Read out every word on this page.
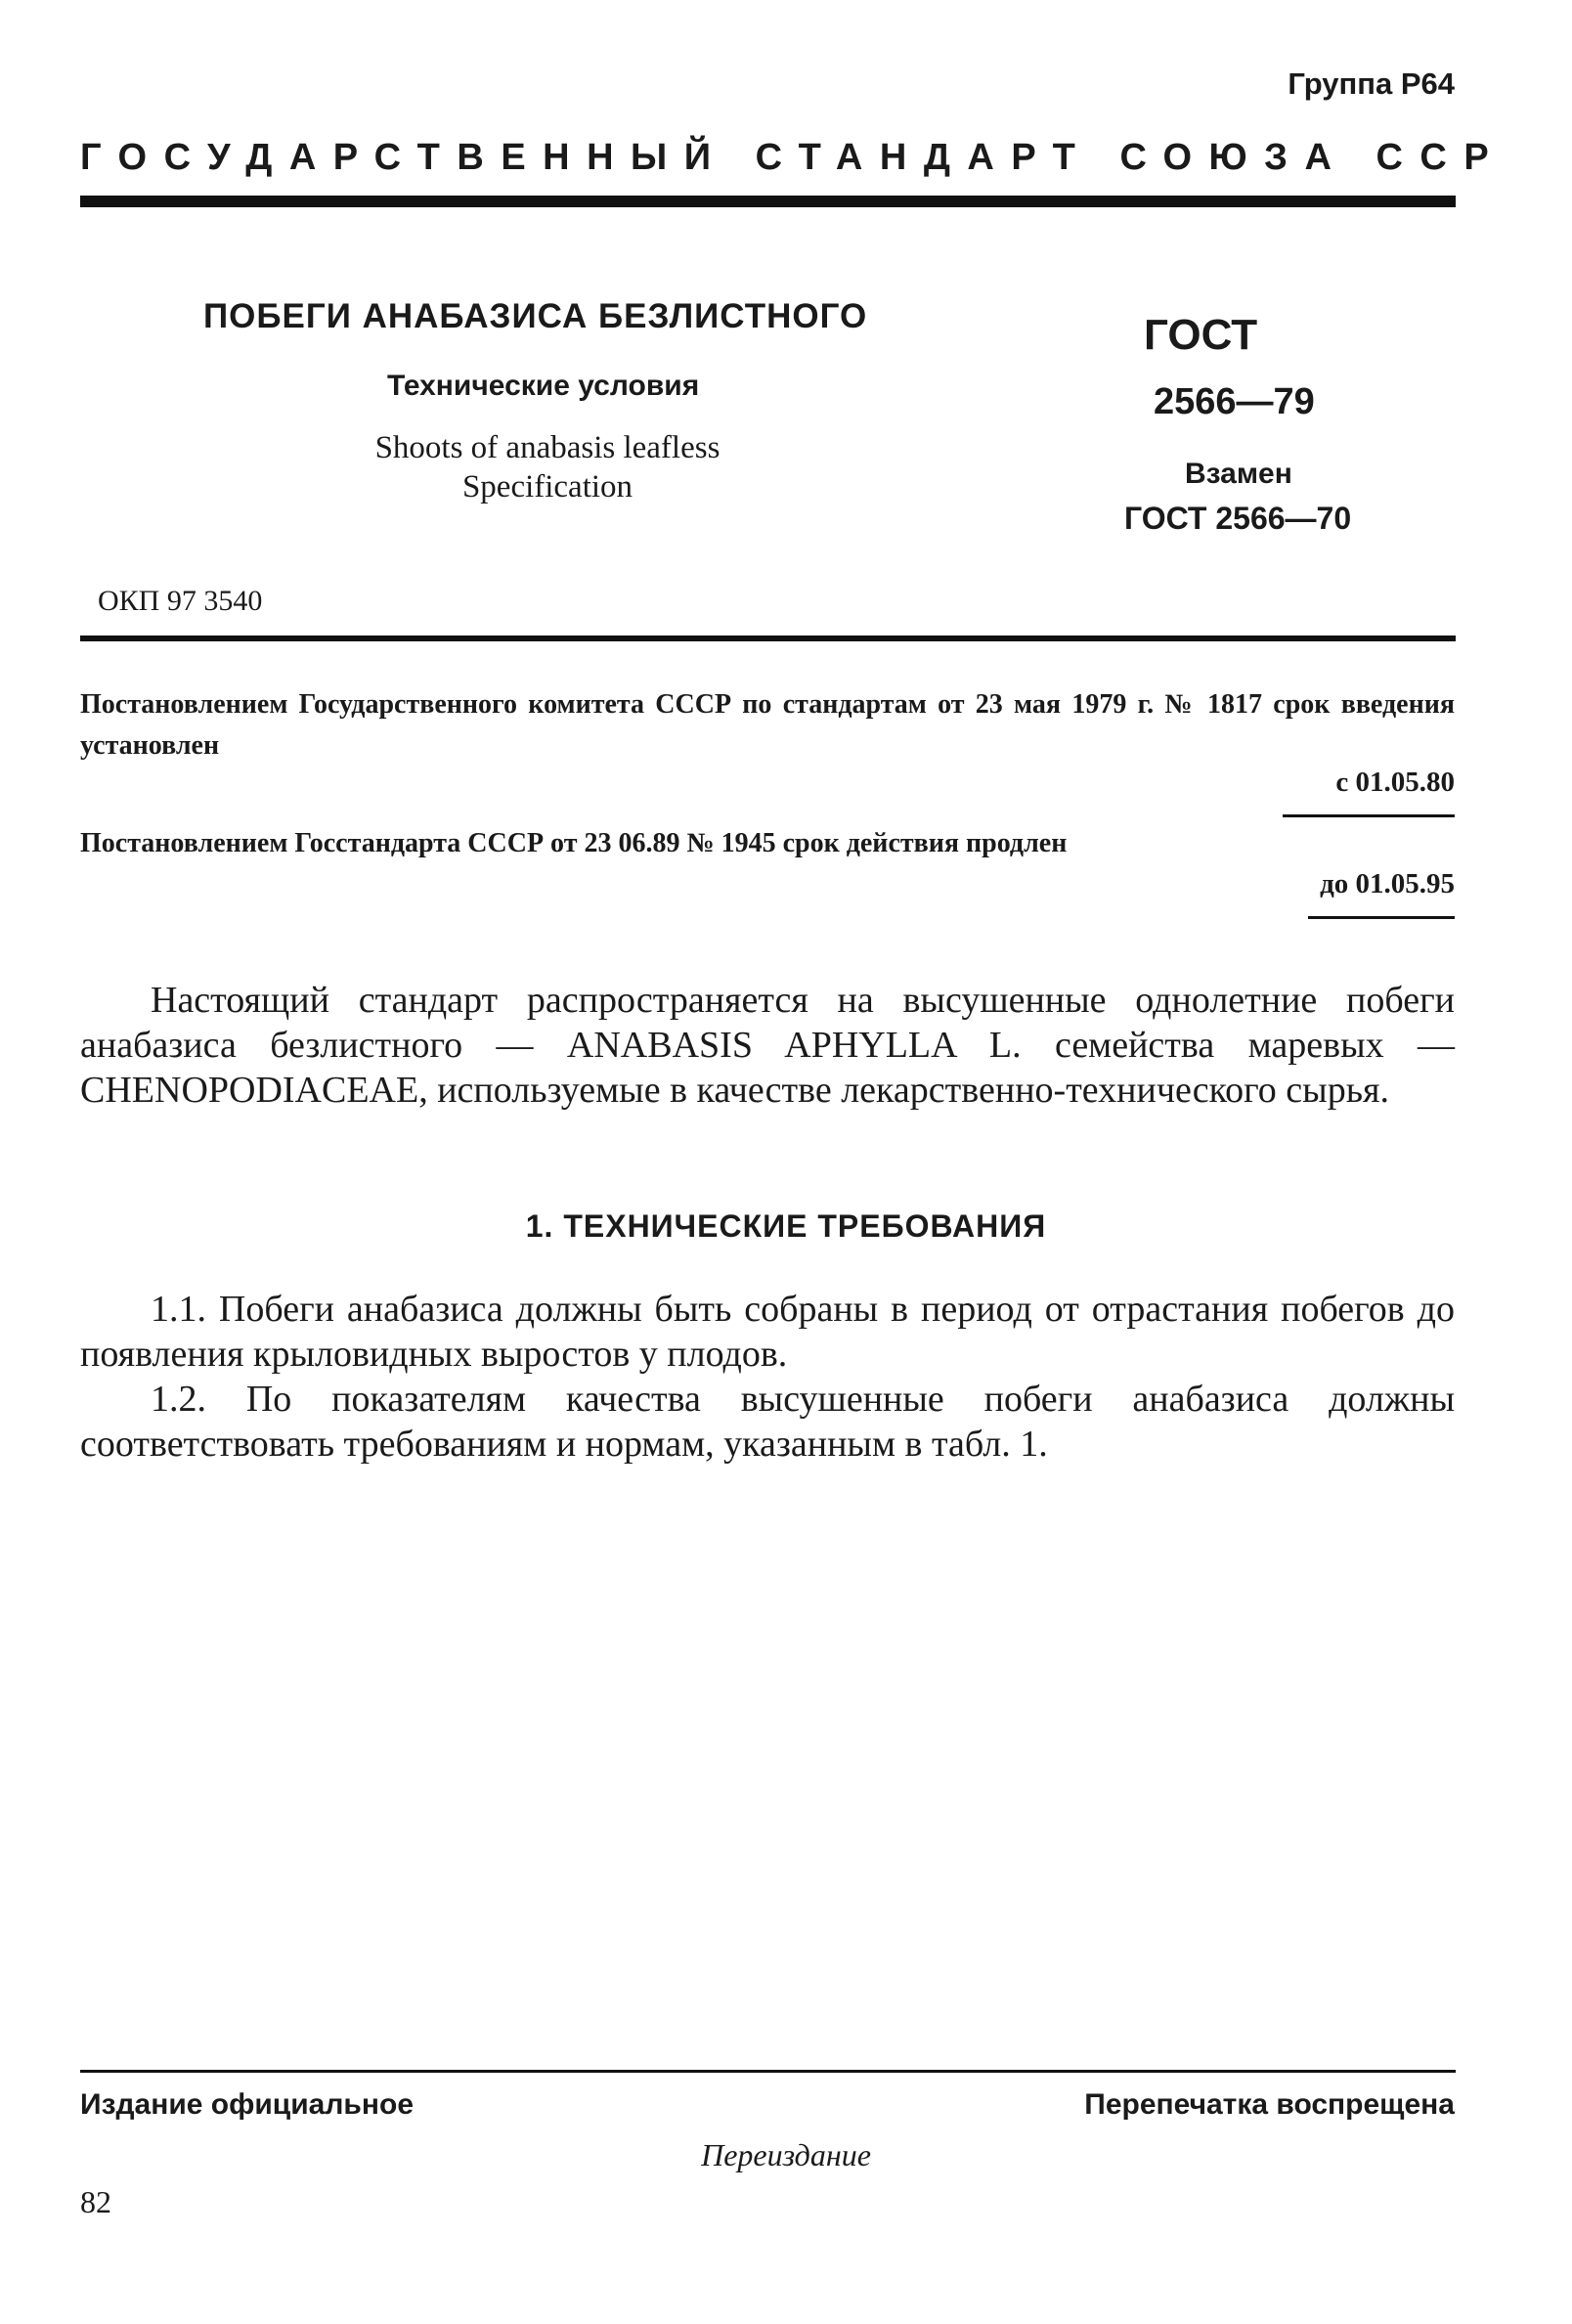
Группа Р64
ГОСУДАРСТВЕННЫЙ СТАНДАРТ СОЮЗА ССР
ПОБЕГИ АНАБАЗИСА БЕЗЛИСТНОГО
Технические условия
Shoots of anabasis leafless
Specification
ГОСТ
2566—79
Взамен
ГОСТ 2566—70
ОКП 97 3540
Постановлением Государственного комитета СССР по стандартам от 23 мая 1979 г. № 1817 срок введения установлен
с 01.05.80
Постановлением Госстандарта СССР от 23 06.89 № 1945 срок действия продлен
до 01.05.95
Настоящий стандарт распространяется на высушенные однолетние побеги анабазиса безлистного — ANABASIS APHYLLA L. семейства маревых — CHENOPODIACEAE, используемые в качестве лекарственно-технического сырья.
1. ТЕХНИЧЕСКИЕ ТРЕБОВАНИЯ

1.1. Побеги анабазиса должны быть собраны в период от отрастания побегов до появления крыловидных выростов у плодов.

1.2. По показателям качества высушенные побеги анабазиса должны соответствовать требованиям и нормам, указанным в табл. 1.

Издание официальное	Перепечатка воспрещена
Переиздание
82
